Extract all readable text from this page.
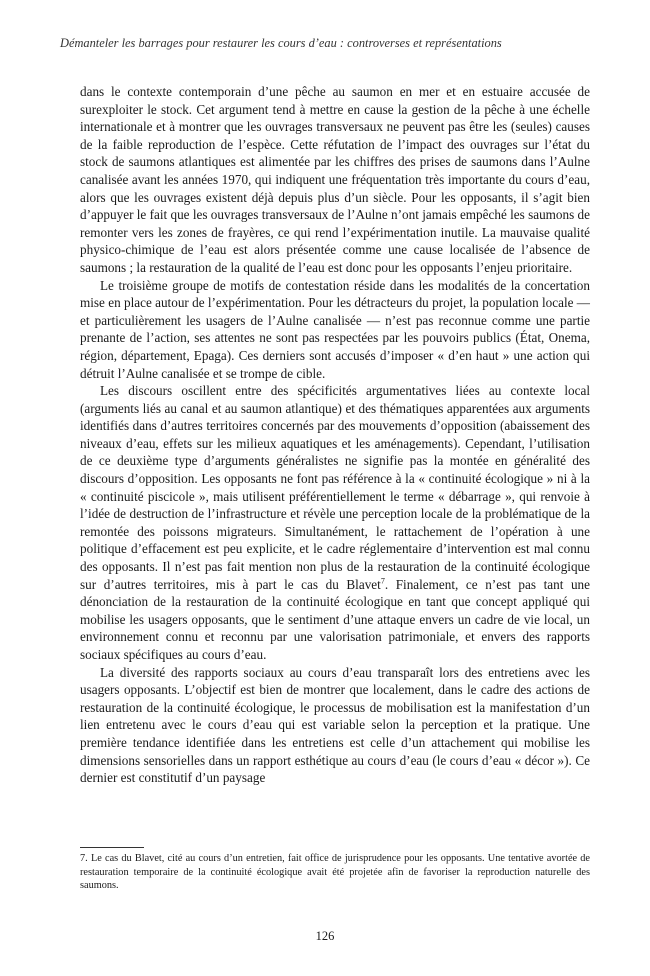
Démanteler les barrages pour restaurer les cours d’eau : controverses et représentations

dans le contexte contemporain d’une pêche au saumon en mer et en estuaire accusée de surexploiter le stock. Cet argument tend à mettre en cause la gestion de la pêche à une échelle internationale et à montrer que les ouvrages transversaux ne peuvent pas être les (seules) causes de la faible reproduction de l’espèce. Cette réfutation de l’impact des ouvrages sur l’état du stock de saumons atlantiques est alimentée par les chiffres des prises de saumons dans l’Aulne canalisée avant les années 1970, qui indiquent une fréquentation très importante du cours d’eau, alors que les ouvrages existent déjà depuis plus d’un siècle. Pour les opposants, il s’agit bien d’appuyer le fait que les ouvrages transversaux de l’Aulne n’ont jamais empêché les saumons de remonter vers les zones de frayères, ce qui rend l’expérimentation inutile. La mauvaise qualité physico-chimique de l’eau est alors présentée comme une cause localisée de l’absence de saumons ; la restauration de la qualité de l’eau est donc pour les opposants l’enjeu prioritaire.

Le troisième groupe de motifs de contestation réside dans les modalités de la concertation mise en place autour de l’expérimentation. Pour les détracteurs du projet, la population locale — et particulièrement les usagers de l’Aulne canalisée — n’est pas reconnue comme une partie prenante de l’action, ses attentes ne sont pas respectées par les pouvoirs publics (État, Onema, région, département, Epaga). Ces derniers sont accusés d’imposer « d’en haut » une action qui détruit l’Aulne canalisée et se trompe de cible.

Les discours oscillent entre des spécificités argumentatives liées au contexte local (arguments liés au canal et au saumon atlantique) et des thématiques apparentées aux arguments identifiés dans d’autres territoires concernés par des mouvements d’opposition (abaissement des niveaux d’eau, effets sur les milieux aquatiques et les aménagements). Cependant, l’utilisation de ce deuxième type d’arguments généralistes ne signifie pas la montée en généralité des discours d’opposition. Les opposants ne font pas référence à la « continuité écologique » ni à la « continuité piscicole », mais utilisent préférentiellement le terme « débarrage », qui renvoie à l’idée de destruction de l’infrastructure et révèle une perception locale de la problématique de la remontée des poissons migrateurs. Simultanément, le rattachement de l’opération à une politique d’effacement est peu explicite, et le cadre réglementaire d’intervention est mal connu des opposants. Il n’est pas fait mention non plus de la restauration de la continuité écologique sur d’autres territoires, mis à part le cas du Blavet$^7$. Finalement, ce n’est pas tant une dénonciation de la restauration de la continuité écologique en tant que concept appliqué qui mobilise les usagers opposants, que le sentiment d’une attaque envers un cadre de vie local, un environnement connu et reconnu par une valorisation patrimoniale, et envers des rapports sociaux spécifiques au cours d’eau.

La diversité des rapports sociaux au cours d’eau transparaît lors des entretiens avec les usagers opposants. L’objectif est bien de montrer que localement, dans le cadre des actions de restauration de la continuité écologique, le processus de mobilisation est la manifestation d’un lien entretenu avec le cours d’eau qui est variable selon la perception et la pratique. Une première tendance identifiée dans les entretiens est celle d’un attachement qui mobilise les dimensions sensorielles dans un rapport esthétique au cours d’eau (le cours d’eau « décor »). Ce dernier est constitutif d’un paysage

7. Le cas du Blavet, cité au cours d’un entretien, fait office de jurisprudence pour les opposants. Une tentative avortée de restauration temporaire de la continuité écologique avait été projetée afin de favoriser la reproduction naturelle des saumons.
126
